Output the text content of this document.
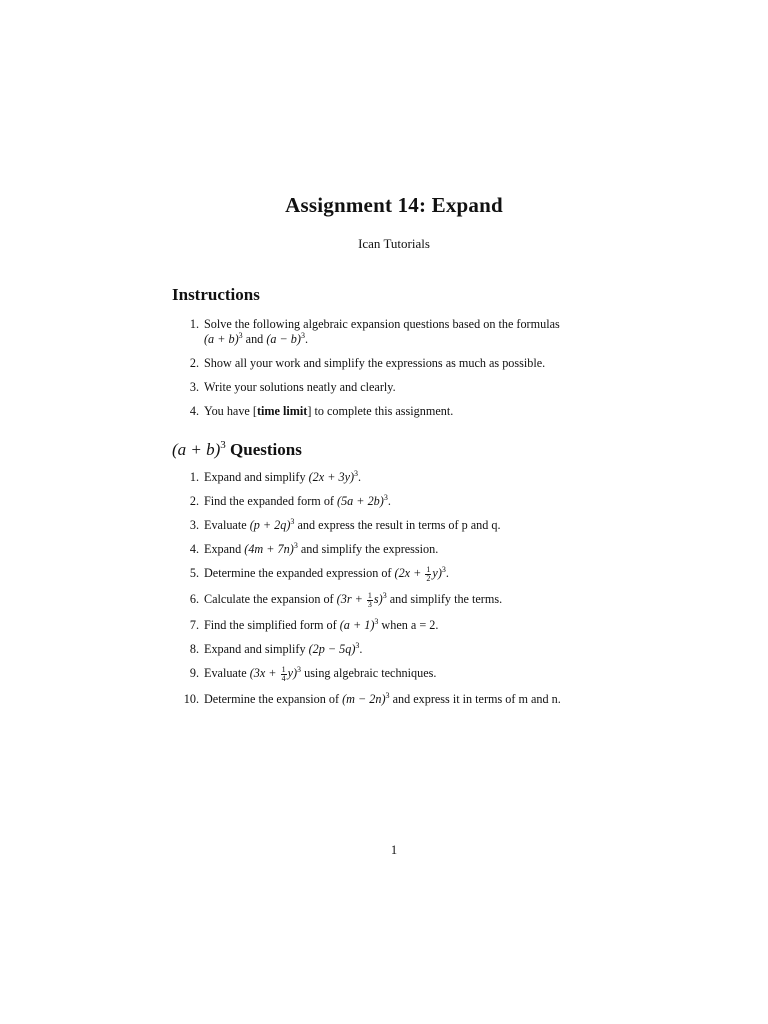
Assignment 14: Expand
Ican Tutorials
Instructions
1. Solve the following algebraic expansion questions based on the formulas
$(a + b)^3$ and $(a - b)^3$.
2. Show all your work and simplify the expressions as much as possible.
3. Write your solutions neatly and clearly.
4. You have [time limit] to complete this assignment.
$(a + b)^3$ Questions
1. Expand and simplify $(2x + 3y)^3$.
2. Find the expanded form of $(5a + 2b)^3$.
3. Evaluate $(p + 2q)^3$ and express the result in terms of p and q.
4. Expand $(4m + 7n)^3$ and simplify the expression.
5. Determine the expanded expression of $(2x + \frac{1}{2} y)^3$.
6. Calculate the expansion of $(3r + \frac{1}{3} s)^3$ and simplify the terms.
7. Find the simplified form of $(a + 1)^3$ when a = 2.
8. Expand and simplify $(2p - 5q)^3$.
9. Evaluate $(3x + \frac{1}{4} y)^3$ using algebraic techniques.
10. Determine the expansion of $(m - 2n)^3$ and express it in terms of m and n.
1
